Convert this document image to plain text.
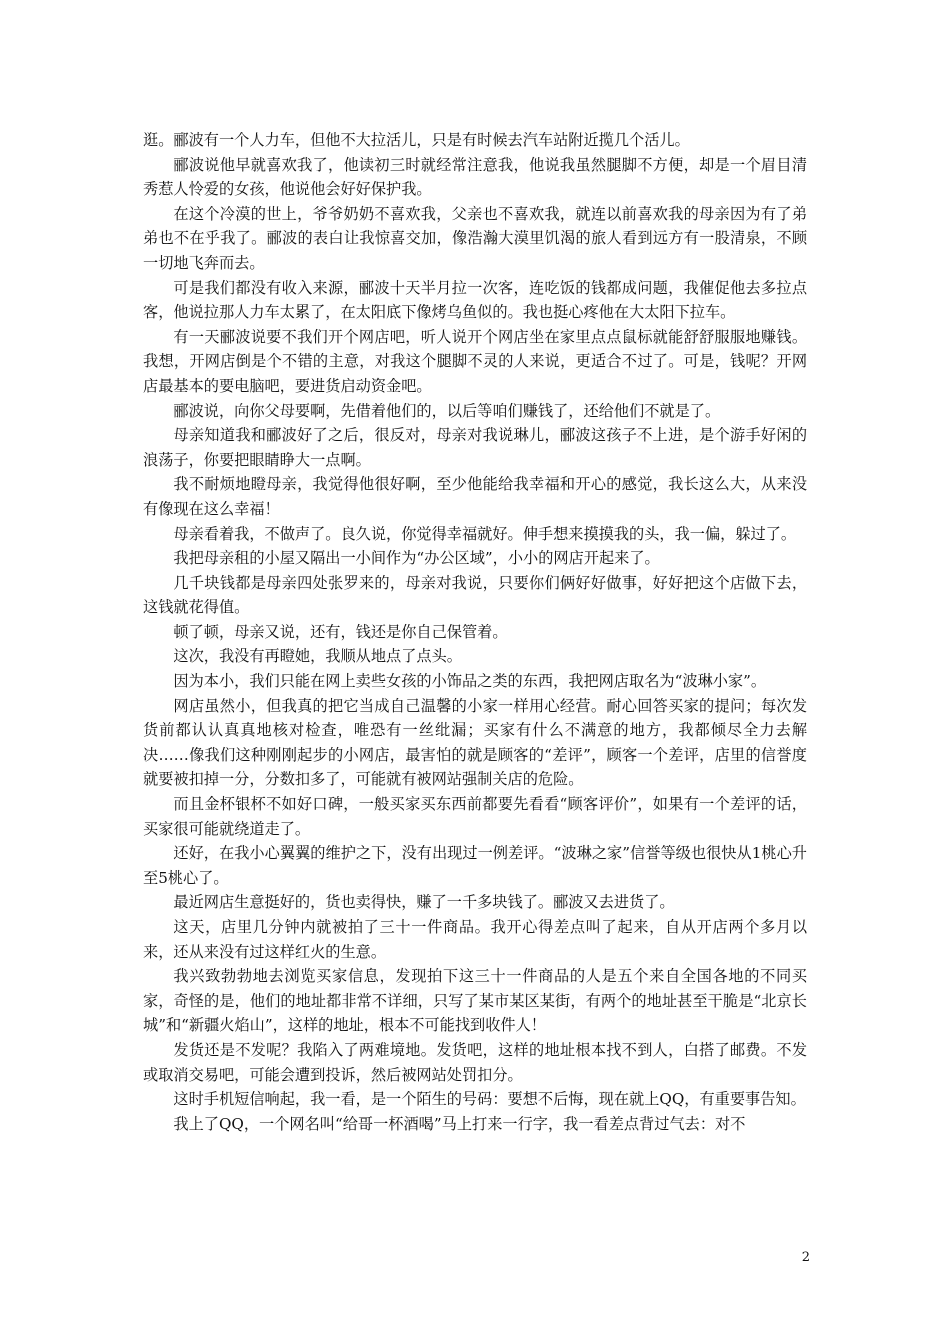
逛。郦波有一个人力车，但他不大拉活儿，只是有时候去汽车站附近揽几个活儿。

郦波说他早就喜欢我了，他读初三时就经常注意我，他说我虽然腿脚不方便，却是一个眉目清秀惹人怜爱的女孩，他说他会好好保护我。

在这个冷漠的世上，爷爷奶奶不喜欢我，父亲也不喜欢我，就连以前喜欢我的母亲因为有了弟弟也不在乎我了。郦波的表白让我惊喜交加，像浩瀚大漠里饥渴的旅人看到远方有一股清泉，不顾一切地飞奔而去。

可是我们都没有收入来源，郦波十天半月拉一次客，连吃饭的钱都成问题，我催促他去多拉点客，他说拉那人力车太累了，在太阳底下像烤乌鱼似的。我也挺心疼他在大太阳下拉车。

有一天郦波说要不我们开个网店吧，听人说开个网店坐在家里点点鼠标就能舒舒服服地赚钱。我想，开网店倒是个不错的主意，对我这个腿脚不灵的人来说，更适合不过了。可是，钱呢？开网店最基本的要电脑吧，要进货启动资金吧。

郦波说，向你父母要啊，先借着他们的，以后等咱们赚钱了，还给他们不就是了。

母亲知道我和郦波好了之后，很反对，母亲对我说琳儿，郦波这孩子不上进，是个游手好闲的浪荡子，你要把眼睛睁大一点啊。

我不耐烦地瞪母亲，我觉得他很好啊，至少他能给我幸福和开心的感觉，我长这么大，从来没有像现在这么幸福！

母亲看着我，不做声了。良久说，你觉得幸福就好。伸手想来摸摸我的头，我一偏，躲过了。

我把母亲租的小屋又隔出一小间作为“办公区域”，小小的网店开起来了。

几千块钱都是母亲四处张罗来的，母亲对我说，只要你们俩好好做事，好好把这个店做下去，这钱就花得值。

顿了顿，母亲又说，还有，钱还是你自己保管着。

这次，我没有再瞪她，我顺从地点了点头。

因为本小，我们只能在网上卖些女孩的小饰品之类的东西，我把网店取名为“波琳小家”。

网店虽然小，但我真的把它当成自己温馨的小家一样用心经营。耐心回答买家的提问；每次发货前都认认真真地核对检查，唯恐有一丝纰漏；买家有什么不满意的地方，我都倾尽全力去解决……像我们这种刚刚起步的小网店，最害怕的就是顾客的“差评”，顾客一个差评，店里的信誉度就要被扣掉一分，分数扣多了，可能就有被网站强制关店的危险。

而且金杯银杯不如好口碑，一般买家买东西前都要先看看“顾客评价”，如果有一个差评的话，买家很可能就绕道走了。

还好，在我小心翼翼的维护之下，没有出现过一例差评。“波琳之家”信誉等级也很快从1桃心升至5桃心了。

最近网店生意挺好的，货也卖得快，赚了一千多块钱了。郦波又去进货了。

这天，店里几分钟内就被拍了三十一件商品。我开心得差点叫了起来，自从开店两个多月以来，还从来没有过这样红火的生意。

我兴致勃勃地去浏览买家信息，发现拍下这三十一件商品的人是五个来自全国各地的不同买家，奇怪的是，他们的地址都非常不详细，只写了某市某区某街，有两个的地址甚至干脆是“北京长城”和“新疆火焰山”，这样的地址，根本不可能找到收件人！

发货还是不发呢？我陷入了两难境地。发货吧，这样的地址根本找不到人，白搭了邮费。不发或取消交易吧，可能会遭到投诉，然后被网站处罚扣分。

这时手机短信响起，我一看，是一个陌生的号码：要想不后悔，现在就上QQ，有重要事告知。

我上了QQ，一个网名叫“给哥一杯酒喝”马上打来一行字，我一看差点背过气去：对不

2
